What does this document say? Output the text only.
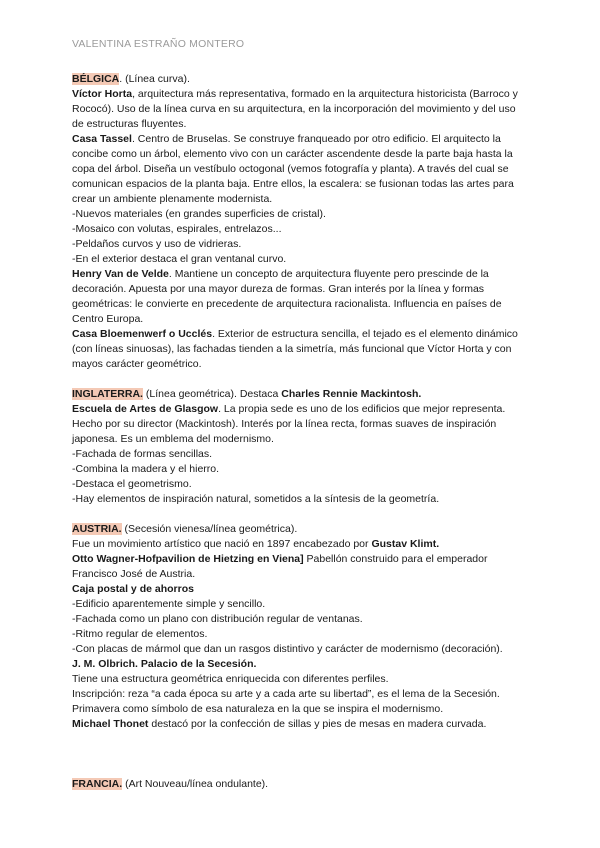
VALENTINA ESTRAÑO MONTERO

BÉLGICA. (Línea curva).

Víctor Horta, arquitectura más representativa, formado en la arquitectura historicista (Barroco y Rococó). Uso de la línea curva en su arquitectura, en la incorporación del movimiento y del uso de estructuras fluyentes.

Casa Tassel. Centro de Bruselas. Se construye franqueado por otro edificio. El arquitecto la concibe como un árbol, elemento vivo con un carácter ascendente desde la parte baja hasta la copa del árbol. Diseña un vestíbulo octogonal (vemos fotografía y planta). A través del cual se comunican espacios de la planta baja. Entre ellos, la escalera: se fusionan todas las artes para crear un ambiente plenamente modernista.

-Nuevos materiales (en grandes superficies de cristal).

-Mosaico con volutas, espirales, entrelazos...

-Peldaños curvos y uso de vidrieras.

-En el exterior destaca el gran ventanal curvo.

Henry Van de Velde. Mantiene un concepto de arquitectura fluyente pero prescinde de la decoración. Apuesta por una mayor dureza de formas. Gran interés por la línea y formas geométricas: le convierte en precedente de arquitectura racionalista. Influencia en países de Centro Europa.

Casa Bloemenwerf o Ucclés. Exterior de estructura sencilla, el tejado es el elemento dinámico (con líneas sinuosas), las fachadas tienden a la simetría, más funcional que Víctor Horta y con mayos carácter geométrico.

INGLATERRA. (Línea geométrica). Destaca Charles Rennie Mackintosh.

Escuela de Artes de Glasgow. La propia sede es uno de los edificios que mejor representa. Hecho por su director (Mackintosh). Interés por la línea recta, formas suaves de inspiración japonesa. Es un emblema del modernismo.

-Fachada de formas sencillas.

-Combina la madera y el hierro.

-Destaca el geometrismo.

-Hay elementos de inspiración natural, sometidos a la síntesis de la geometría.

AUSTRIA. (Secesión vienesa/línea geométrica).

Fue un movimiento artístico que nació en 1897 encabezado por Gustav Klimt.

Otto Wagner-Hofpavilion de Hietzing en Viena] Pabellón construido para el emperador Francisco José de Austria.

Caja postal y de ahorros

-Edificio aparentemente simple y sencillo.

-Fachada como un plano con distribución regular de ventanas.

-Ritmo regular de elementos.

-Con placas de mármol que dan un rasgos distintivo y carácter de modernismo (decoración).

J. M. Olbrich. Palacio de la Secesión.

Tiene una estructura geométrica enriquecida con diferentes perfiles.

Inscripción: reza “a cada época su arte y a cada arte su libertad”, es el lema de la Secesión. Primavera como símbolo de esa naturaleza en la que se inspira el modernismo.

Michael Thonet destacó por la confección de sillas y pies de mesas en madera curvada.

FRANCIA. (Art Nouveau/línea ondulante).
